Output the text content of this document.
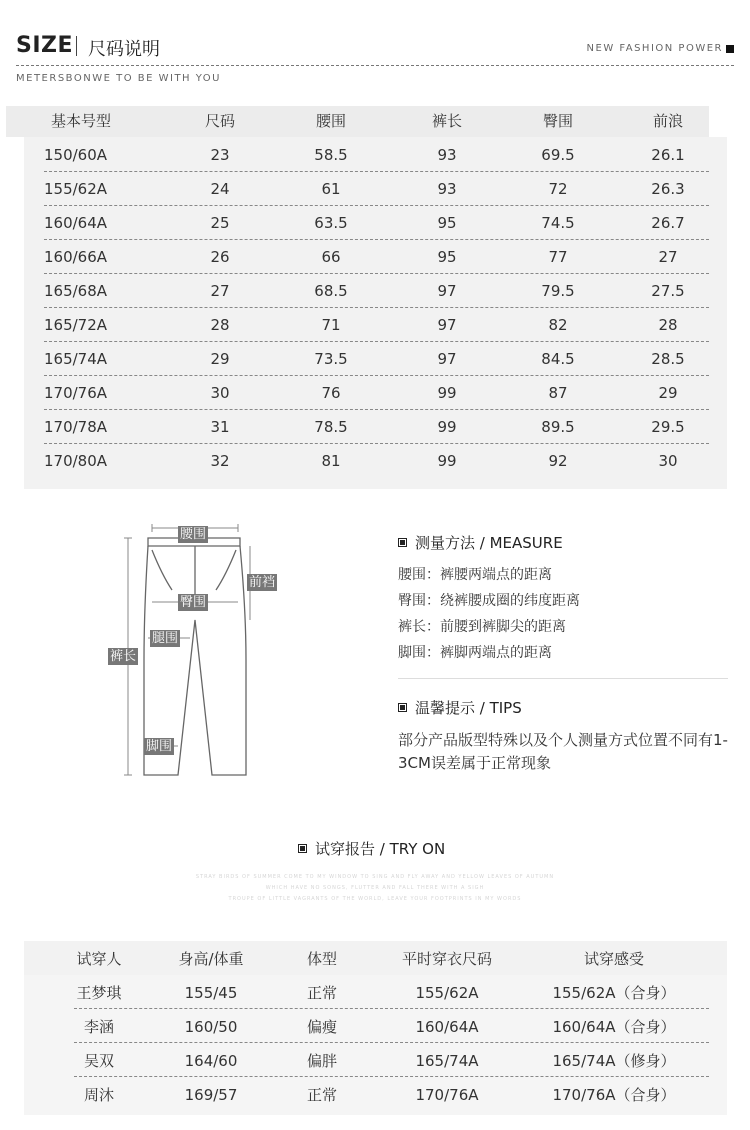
SIZE 尺码说明	NEW FASHION POWER
METERSBONWE TO BE WITH YOU
基本号型	尺码	腰围	裤长	臀围	前浪
150/60A	23	58.5	93	69.5	26.1
155/62A	24	61	93	72	26.3
160/64A	25	63.5	95	74.5	26.7
160/66A	26	66	95	77	27
165/68A	27	68.5	97	79.5	27.5
165/72A	28	71	97	82	28
165/74A	29	73.5	97	84.5	28.5
170/76A	30	76	99	87	29
170/78A	31	78.5	99	89.5	29.5
170/80A	32	81	99	92	30
腰围
前裆
臀围
腿围
裤长
脚围
测量方法 / MEASURE
腰围：裤腰两端点的距离
臀围：绕裤腰成圈的纬度距离
裤长：前腰到裤脚尖的距离
脚围：裤脚两端点的距离
温馨提示 / TIPS
部分产品版型特殊以及个人测量方式位置不同有1-3CM误差属于正常现象
试穿报告 / TRY ON
STRAY BIRDS OF SUMMER COME TO MY WINDOW TO SING AND FLY AWAY AND YELLOW LEAVES OF AUTUMN
WHICH HAVE NO SONGS, FLUTTER AND FALL THERE WITH A SIGH
TROUPE OF LITTLE VAGRANTS OF THE WORLD, LEAVE YOUR FOOTPRINTS IN MY WORDS
试穿人	身高/体重	体型	平时穿衣尺码	试穿感受
王梦琪	155/45	正常	155/62A	155/62A（合身）
李涵	160/50	偏瘦	160/64A	160/64A（合身）
吴双	164/60	偏胖	165/74A	165/74A（修身）
周沐	169/57	正常	170/76A	170/76A（合身）
